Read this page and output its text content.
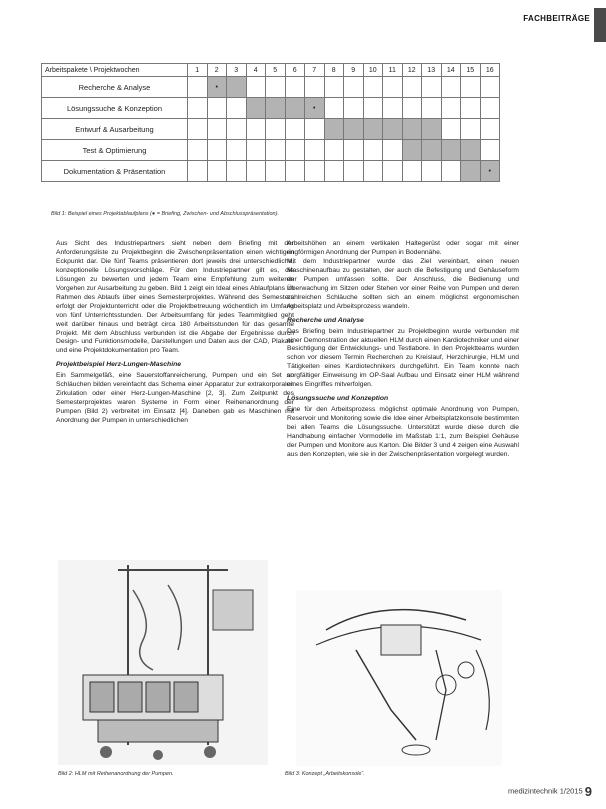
FACHBEITRÄGE
Arbeitspakete \ Projektwochen	1	2	3	4	5	6	7	8	9	10	11	12	13	14	15	16
Recherche & Analyse		•														
Lösungssuche & Konzeption							•									
Entwurf & Ausarbeitung																
Test & Optimierung																
Dokumentation & Präsentation																•
Bild 1: Beispiel eines Projektablaufplans (● = Briefing, Zwischen- und Abschlusspräsentation).

Aus Sicht des Industriepartners sieht neben dem Briefing mit der Anforderungsliste zu Projektbeginn die Zwischenpräsentation einen wichtigen Eckpunkt dar. Die fünf Teams präsentieren dort jeweils drei unterschiedliche, konzeptionelle Lösungsvorschläge. Für den Industriepartner gilt es, die Lösungen zu bewerten und jedem Team eine Empfehlung zum weiteren Vorgehen zur Ausarbeitung zu geben. Bild 1 zeigt ein Ideal eines Ablaufplans im Rahmen des Ablaufs über eines Semesterprojektes. Während des Semesters erfolgt der Projektunterricht oder die Projektbetreuung wöchentlich im Umfang von fünf Unterrichtsstunden. Der Arbeitsumfang für jedes Teammitglied geht weit darüber hinaus und beträgt circa 180 Arbeitsstunden für das gesamte Projekt. Mit dem Abschluss verbunden ist die Abgabe der Ergebnisse durch Design- und Funktionsmodelle, Darstellungen und Daten aus der CAD, Plakate und eine Projektdokumentation pro Team.

Projektbeispiel Herz-Lungen-Maschine

Ein Sammelgefäß, eine Sauerstoffanreicherung, Pumpen und ein Set an Schläuchen bilden vereinfacht das Schema einer Apparatur zur extrakorporalen Zirkulation oder einer Herz-Lungen-Maschine [2, 3]. Zum Zeitpunkt des Semesterprojektes waren Systeme in Form einer Reihenanordnung der Pumpen (Bild 2) verbreitet im Einsatz [4]. Daneben gab es Maschinen mit Anordnung der Pumpen in unterschiedlichen

Arbeitshöhen an einem vertikalen Haltegerüst oder sogar mit einer ringförmigen Anordnung der Pumpen in Bodennähe.

Mit dem Industriepartner wurde das Ziel vereinbart, einen neuen Maschinenaufbau zu gestalten, der auch die Befestigung und Gehäuseform der Pumpen umfassen sollte. Der Anschluss, die Bedienung und Überwachung im Sitzen oder Stehen vor einer Reihe von Pumpen und deren zahlreichen Schläuche sollten sich an einem möglichst ergonomischen Arbeitsplatz und Arbeitsprozess wandeln.

Recherche und Analyse

Das Briefing beim Industriepartner zu Projektbeginn wurde verbunden mit einer Demonstration der aktuellen HLM durch einen Kardiotechniker und einer Besichtigung der Entwicklungs- und Testlabore. In den Projektteams wurden schon vor diesem Termin Recherchen zu Kreislauf, Herzchirurgie, HLM und Tätigkeiten eines Kardiotechnikers durchgeführt. Ein Team konnte nach sorgfältiger Einweisung im OP-Saal Aufbau und Einsatz einer HLM während eines Eingriffes mitverfolgen.

Lösungssuche und Konzeption

Eine für den Arbeitsprozess möglichst optimale Anordnung von Pumpen, Reservoir und Monitoring sowie die Idee einer Arbeitsplatzkonsole bestimmten bei allen Teams die Lösungssuche. Unterstützt wurde diese durch die Handhabung einfacher Vormodelle im Maßstab 1:1, zum Beispiel Gehäuse der Pumpen und Monitore aus Karton. Die Bilder 3 und 4 zeigen eine Auswahl aus den Konzepten, wie sie in der Zwischenpräsentation vorgelegt wurden.

Bild 2: HLM mit Reihenanordnung der Pumpen.	Bild 3: Konzept „Arbeitskonsole“.
medizintechnik 1/2015 9
